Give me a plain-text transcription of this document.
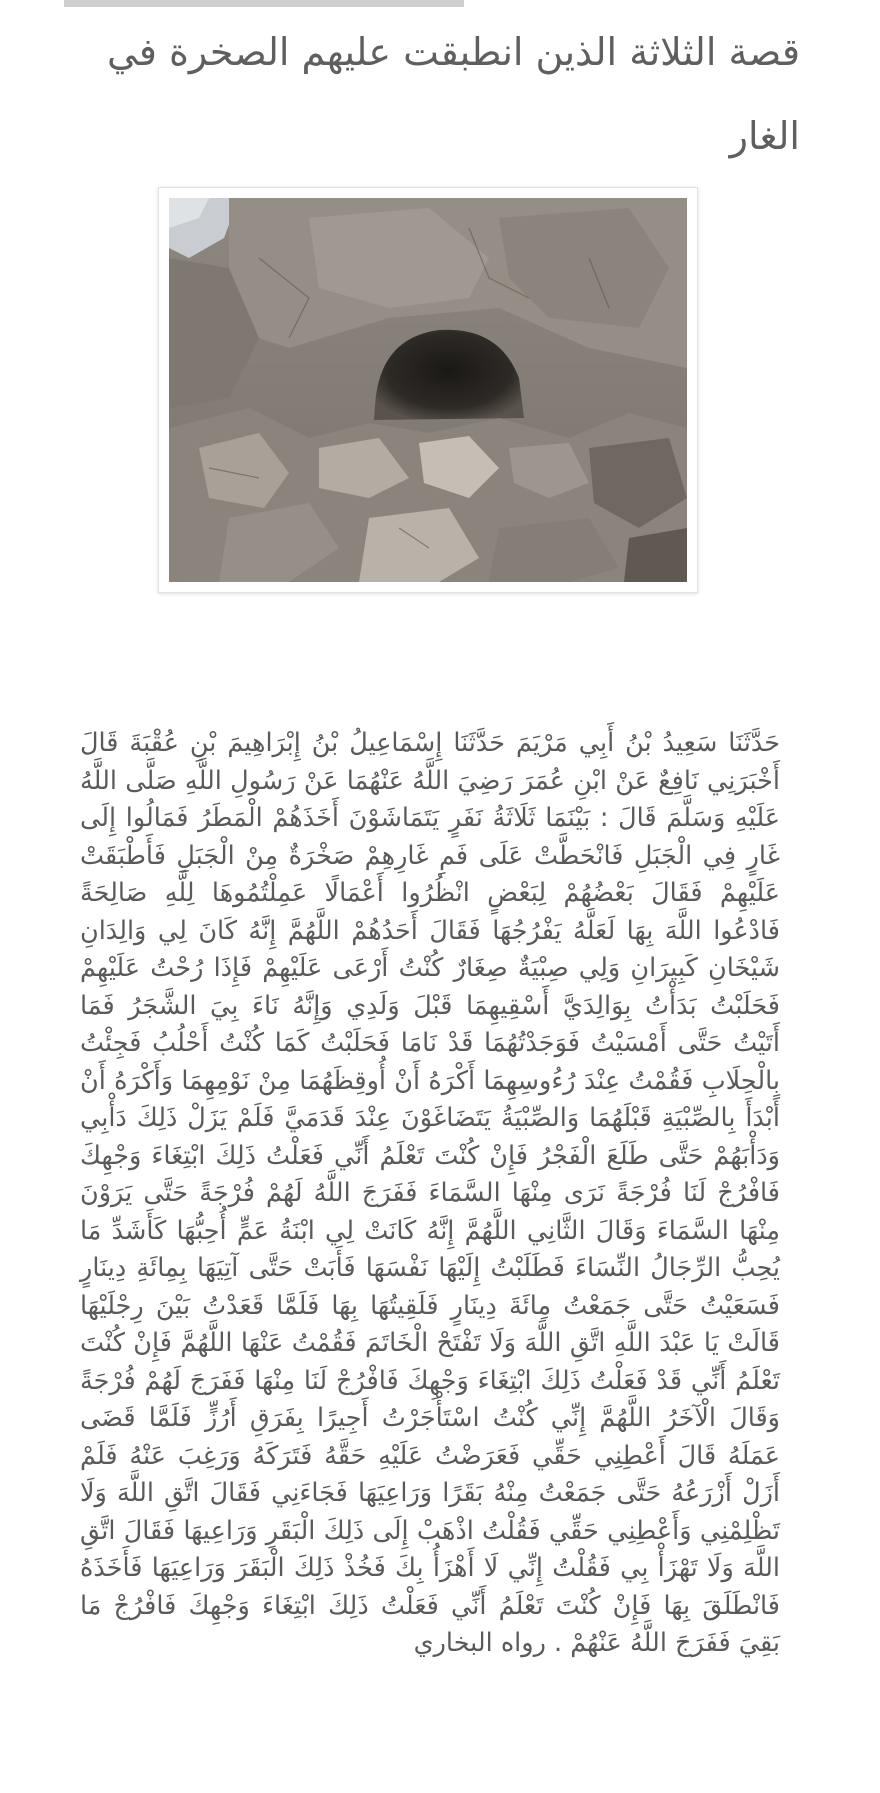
قصة الثلاثة الذين انطبقت عليهم الصخرة في الغار

حَدَّثَنَا سَعِيدُ بْنُ أَبِي مَرْيَمَ حَدَّثَنَا إِسْمَاعِيلُ بْنُ إِبْرَاهِيمَ بْنِ عُقْبَةَ قَالَ أَخْبَرَنِي نَافِعٌ عَنْ ابْنِ عُمَرَ رَضِيَ اللَّهُ عَنْهُمَا عَنْ رَسُولِ اللَّهِ صَلَّى اللَّهُ عَلَيْهِ وَسَلَّمَ قَالَ : بَيْنَمَا ثَلَاثَةُ نَفَرٍ يَتَمَاشَوْنَ أَخَذَهُمْ الْمَطَرُ فَمَالُوا إِلَى غَارٍ فِي الْجَبَلِ فَانْحَطَّتْ عَلَى فَمِ غَارِهِمْ صَخْرَةٌ مِنْ الْجَبَلِ فَأَطْبَقَتْ عَلَيْهِمْ فَقَالَ بَعْضُهُمْ لِبَعْضٍ انْظُرُوا أَعْمَالًا عَمِلْتُمُوهَا لِلَّهِ صَالِحَةً فَادْعُوا اللَّهَ بِهَا لَعَلَّهُ يَفْرُجُهَا فَقَالَ أَحَدُهُمْ اللَّهُمَّ إِنَّهُ كَانَ لِي وَالِدَانِ شَيْخَانِ كَبِيرَانِ وَلِي صِبْيَةٌ صِغَارٌ كُنْتُ أَرْعَى عَلَيْهِمْ فَإِذَا رُحْتُ عَلَيْهِمْ فَحَلَبْتُ بَدَأْتُ بِوَالِدَيَّ أَسْقِيهِمَا قَبْلَ وَلَدِي وَإِنَّهُ نَاءَ بِيَ الشَّجَرُ فَمَا أَتَيْتُ حَتَّى أَمْسَيْتُ فَوَجَدْتُهُمَا قَدْ نَامَا فَحَلَبْتُ كَمَا كُنْتُ أَحْلُبُ فَجِئْتُ بِالْحِلَابِ فَقُمْتُ عِنْدَ رُءُوسِهِمَا أَكْرَهُ أَنْ أُوقِظَهُمَا مِنْ نَوْمِهِمَا وَأَكْرَهُ أَنْ أَبْدَأَ بِالصِّبْيَةِ قَبْلَهُمَا وَالصِّبْيَةُ يَتَضَاغَوْنَ عِنْدَ قَدَمَيَّ فَلَمْ يَزَلْ ذَلِكَ دَأْبِي وَدَأْبَهُمْ حَتَّى طَلَعَ الْفَجْرُ فَإِنْ كُنْتَ تَعْلَمُ أَنِّي فَعَلْتُ ذَلِكَ ابْتِغَاءَ وَجْهِكَ فَافْرُجْ لَنَا فُرْجَةً نَرَى مِنْهَا السَّمَاءَ فَفَرَجَ اللَّهُ لَهُمْ فُرْجَةً حَتَّى يَرَوْنَ مِنْهَا السَّمَاءَ وَقَالَ الثَّانِي اللَّهُمَّ إِنَّهُ كَانَتْ لِي ابْنَةُ عَمٍّ أُحِبُّهَا كَأَشَدِّ مَا يُحِبُّ الرِّجَالُ النِّسَاءَ فَطَلَبْتُ إِلَيْهَا نَفْسَهَا فَأَبَتْ حَتَّى آتِيَهَا بِمِائَةِ دِينَارٍ فَسَعَيْتُ حَتَّى جَمَعْتُ مِائَةَ دِينَارٍ فَلَقِيتُهَا بِهَا فَلَمَّا قَعَدْتُ بَيْنَ رِجْلَيْهَا قَالَتْ يَا عَبْدَ اللَّهِ اتَّقِ اللَّهَ وَلَا تَفْتَحْ الْخَاتَمَ فَقُمْتُ عَنْهَا اللَّهُمَّ فَإِنْ كُنْتَ تَعْلَمُ أَنِّي قَدْ فَعَلْتُ ذَلِكَ ابْتِغَاءَ وَجْهِكَ فَافْرُجْ لَنَا مِنْهَا فَفَرَجَ لَهُمْ فُرْجَةً وَقَالَ الْآخَرُ اللَّهُمَّ إِنِّي كُنْتُ اسْتَأْجَرْتُ أَجِيرًا بِفَرَقِ أَرُزٍّ فَلَمَّا قَضَى عَمَلَهُ قَالَ أَعْطِنِي حَقِّي فَعَرَضْتُ عَلَيْهِ حَقَّهُ فَتَرَكَهُ وَرَغِبَ عَنْهُ فَلَمْ أَزَلْ أَزْرَعُهُ حَتَّى جَمَعْتُ مِنْهُ بَقَرًا وَرَاعِيَهَا فَجَاءَنِي فَقَالَ اتَّقِ اللَّهَ وَلَا تَظْلِمْنِي وَأَعْطِنِي حَقِّي فَقُلْتُ اذْهَبْ إِلَى ذَلِكَ الْبَقَرِ وَرَاعِيهَا فَقَالَ اتَّقِ اللَّهَ وَلَا تَهْزَأْ بِي فَقُلْتُ إِنِّي لَا أَهْزَأُ بِكَ فَخُذْ ذَلِكَ الْبَقَرَ وَرَاعِيَهَا فَأَخَذَهُ فَانْطَلَقَ بِهَا فَإِنْ كُنْتَ تَعْلَمُ أَنِّي فَعَلْتُ ذَلِكَ ابْتِغَاءَ وَجْهِكَ فَافْرُجْ مَا بَقِيَ فَفَرَجَ اللَّهُ عَنْهُمْ . رواه البخاري
